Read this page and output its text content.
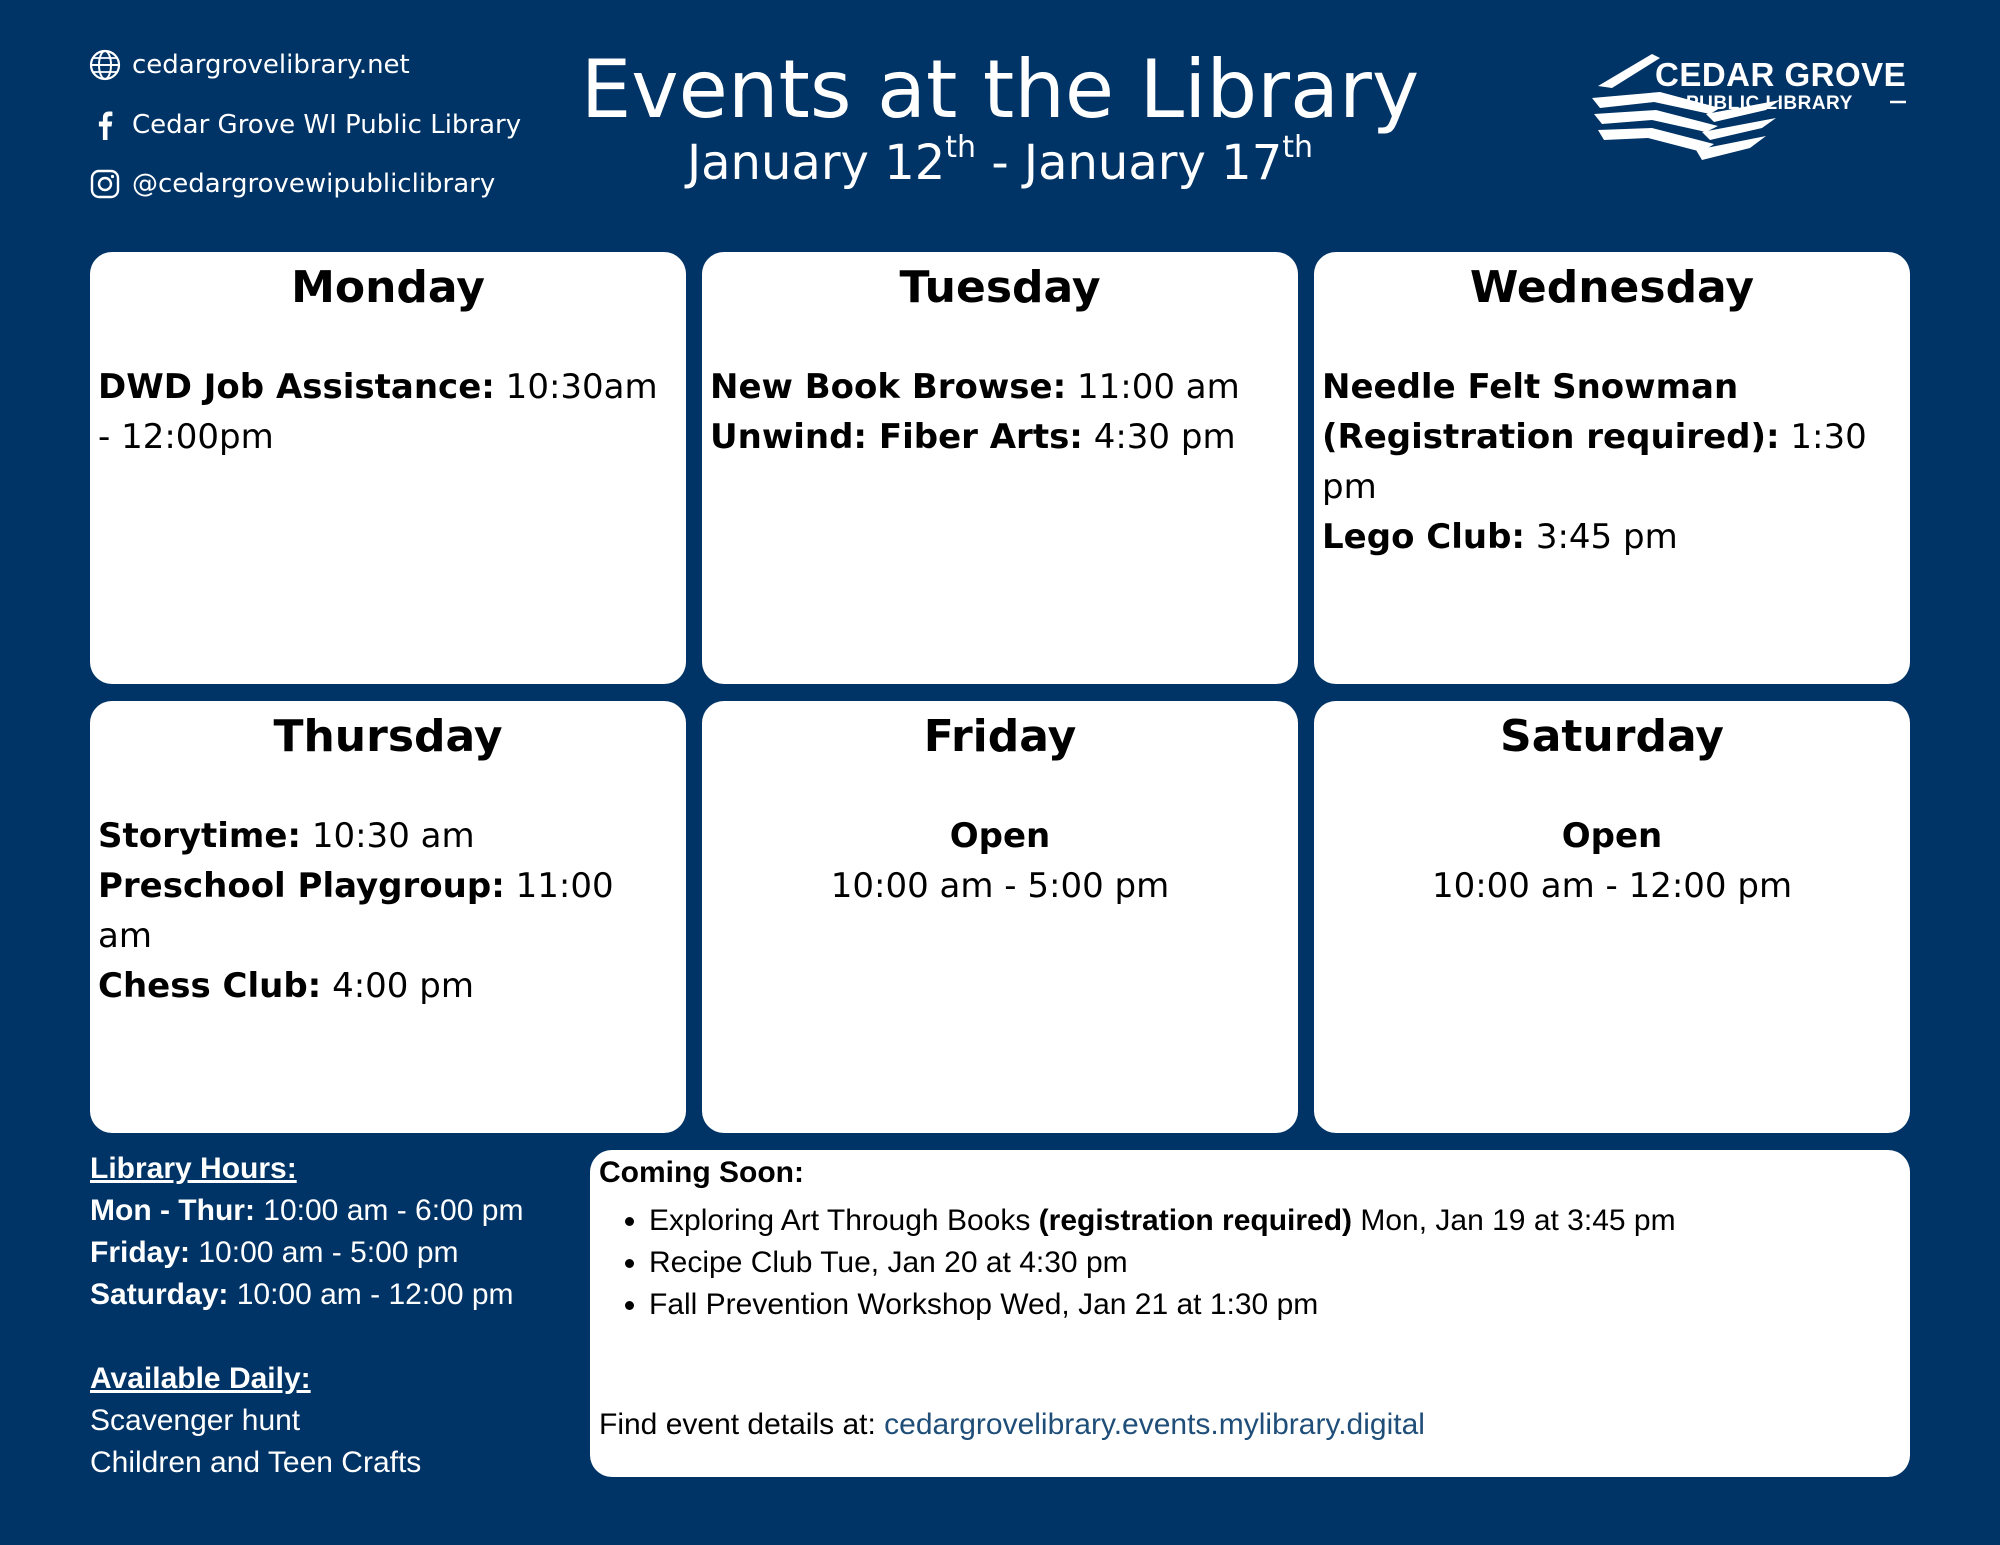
cedargrovelibrary.net
Cedar Grove WI Public Library
@cedargrovewipubliclibrary
Events at the Library
January 12th - January 17th
CEDAR GROVE
PUBLIC LIBRARY
Monday

DWD Job Assistance: 10:30am - 12:00pm

Tuesday

New Book Browse: 11:00 am

Unwind: Fiber Arts: 4:30 pm

Wednesday

Needle Felt Snowman (Registration required): 1:30 pm

Lego Club: 3:45 pm

Thursday

Storytime: 10:30 am

Preschool Playgroup: 11:00 am

Chess Club: 4:00 pm

Friday
Open
10:00 am - 5:00 pm
Saturday
Open
10:00 am - 12:00 pm
Library Hours:
Mon - Thur: 10:00 am - 6:00 pm
Friday: 10:00 am - 5:00 pm
Saturday: 10:00 am - 12:00 pm
Available Daily:
Scavenger hunt
Children and Teen Crafts
Coming Soon:
• Exploring Art Through Books (registration required) Mon, Jan 19 at 3:45 pm
• Recipe Club Tue, Jan 20 at 4:30 pm
• Fall Prevention Workshop Wed, Jan 21 at 1:30 pm
Find event details at: cedargrovelibrary.events.mylibrary.digital
